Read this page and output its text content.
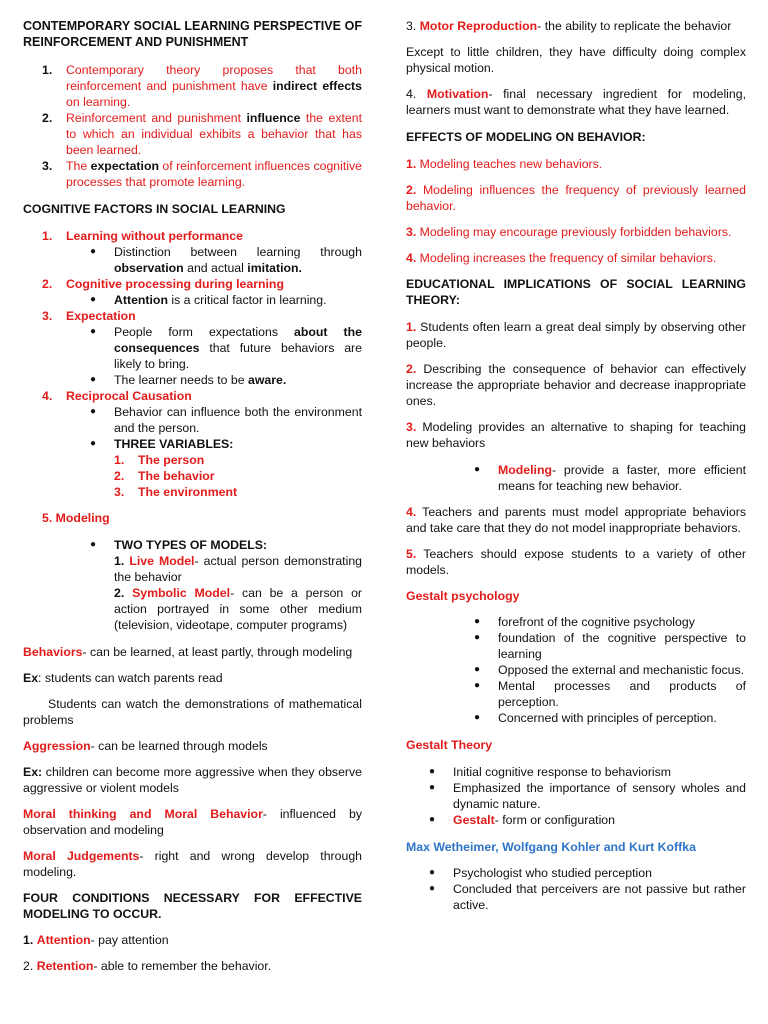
CONTEMPORARY SOCIAL LEARNING PERSPECTIVE OF REINFORCEMENT AND PUNISHMENT
1.	Contemporary theory proposes that both reinforcement and punishment have indirect effects on learning.

2.	Reinforcement and punishment influence the extent to which an individual exhibits a behavior that has been learned.

3.	The expectation of reinforcement influences cognitive processes that promote learning.

COGNITIVE FACTORS IN SOCIAL LEARNING
1.	Learning without performance
●	Distinction between learning through observation and actual imitation.

2.	Cognitive processing during learning
●	Attention is a critical factor in learning.

3.	Expectation
●	People form expectations about the consequences that future behaviors are likely to bring.

●	The learner needs to be aware.

4.	Reciprocal Causation
●	Behavior can influence both the environment and the person.

●	THREE VARIABLES:

1.	The person
2.	The behavior
3.	The environment
5. Modeling
●	TWO TYPES OF MODELS:

1. Live Model- actual person demonstrating the behavior

2. Symbolic Model- can be a person or action portrayed in some other medium (television, videotape, computer programs)

Behaviors- can be learned, at least partly, through modeling

Ex: students can watch parents read

Students can watch the demonstrations of mathematical problems

Aggression- can be learned through models

Ex: children can become more aggressive when they observe aggressive or violent models

Moral thinking and Moral Behavior- influenced by observation and modeling

Moral Judgements- right and wrong develop through modeling.

FOUR CONDITIONS NECESSARY FOR EFFECTIVE MODELING TO OCCUR.

1. Attention- pay attention

2. Retention- able to remember the behavior.

3. Motor Reproduction- the ability to replicate the behavior

Except to little children, they have difficulty doing complex physical motion.

4. Motivation- final necessary ingredient for modeling, learners must want to demonstrate what they have learned.

EFFECTS OF MODELING ON BEHAVIOR:

1. Modeling teaches new behaviors.

2. Modeling influences the frequency of previously learned behavior.

3. Modeling may encourage previously forbidden behaviors.

4. Modeling increases the frequency of similar behaviors.

EDUCATIONAL IMPLICATIONS OF SOCIAL LEARNING THEORY:

1. Students often learn a great deal simply by observing other people.

2. Describing the consequence of behavior can effectively increase the appropriate behavior and decrease inappropriate ones.

3. Modeling provides an alternative to shaping for teaching new behaviors

●	Modeling- provide a faster, more efficient means for teaching new behavior.

4. Teachers and parents must model appropriate behaviors and take care that they do not model inappropriate behaviors.

5. Teachers should expose students to a variety of other models.

Gestalt psychology
●	forefront of the cognitive psychology

●	foundation of the cognitive perspective to learning

●	Opposed the external and mechanistic focus.

●	Mental processes and products of perception.

●	Concerned with principles of perception.

Gestalt Theory
●	Initial cognitive response to behaviorism

●	Emphasized the importance of sensory wholes and dynamic nature.

●	Gestalt- form or configuration

Max Wetheimer, Wolfgang Kohler and Kurt Koffka
●	Psychologist who studied perception

●	Concluded that perceivers are not passive but rather active.
